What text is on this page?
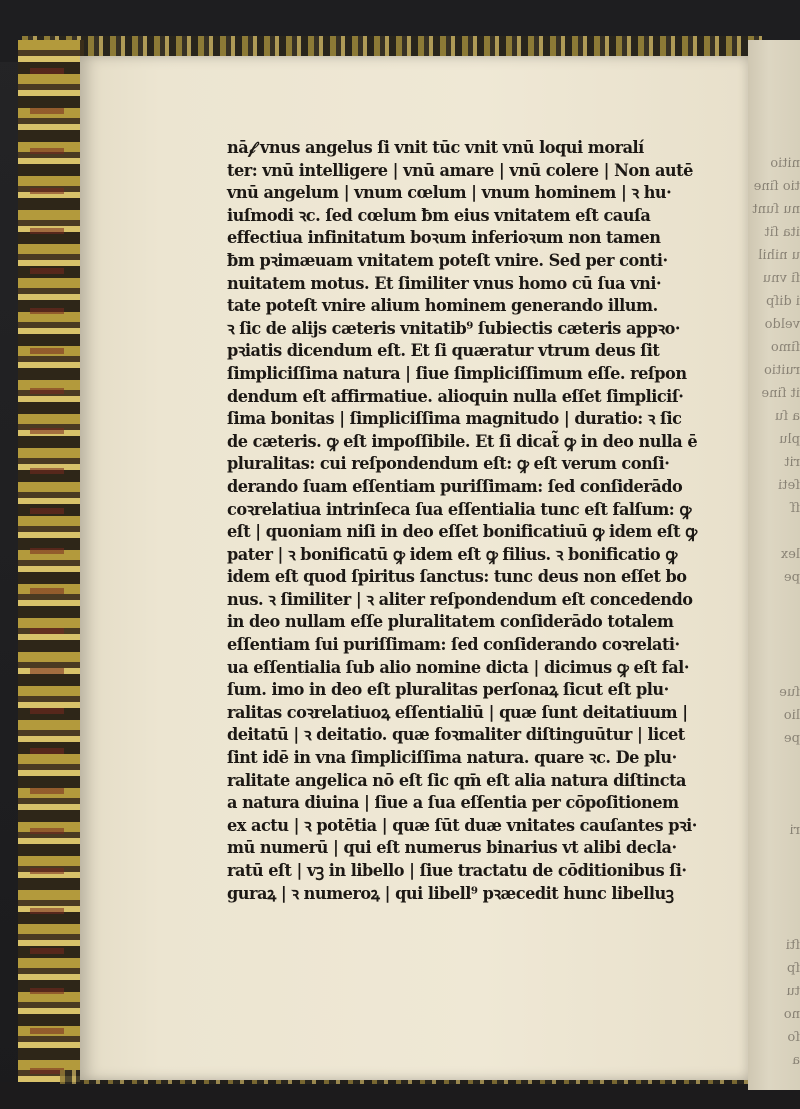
nitio
tio ſine
nu ſunt
ita ſit
u nihil
ſi vnu
i diſp
veldo
ſimo
ruitio
it ſine
a ſu
plu
rit
ſeti
ſſ
lex
pe
ſue
lio
pe
ri
ſti
ſp
tu
no
ſo
a
nā𝒻 vnus angelus ſi vnit tūc vnit vnū loqui moralí
ter: vnū intelligere | vnū amare | vnū colere | Non autē
vnū angelum | vnum cœlum | vnum hominem | ꝛ hu·
iuſmodi ꝛc. ſed cœlum ƀm eius vnitatem eſt cauſa
effectiua infinitatum boꝛum inferioꝛum non tamen
ƀm pꝛimæuam vnitatem poteſt vnire. Sed per conti·
nuitatem motus. Et ſimiliter vnus homo cū ſua vni·
tate poteſt vnire alium hominem generando illum.
ꝛ ſic de alijs cæteris vnitatib⁹ ſubiectis cæteris appꝛo·
pꝛiatis dicendum eſt. Et ſi quæratur vtrum deus ſit
ſimpliciſſima natura | ſiue ſimpliciſſimum eſſe. reſpon
dendum eſt affirmatiue. alioquin nulla eſſet ſimpliciſ·
ſima bonitas | ſimpliciſſima magnitudo | duratio: ꝛ ſic
de cæteris. ꝙ eſt impoſſibile. Et ſi dicat̃ ꝙ in deo nulla ē
pluralitas: cui reſpondendum eſt: ꝙ eſt verum conſi·
derando ſuam eſſentiam puriſſimam: ſed conſiderādo
coꝛrelatiua intrinſeca ſua eſſentialia tunc eſt falſum: ꝙ
eſt | quoniam niſi in deo eſſet bonificatiuū ꝙ idem eſt ꝙ
pater | ꝛ bonificatū ꝙ idem eſt ꝙ filius. ꝛ bonificatio ꝙ
idem eſt quod ſpiritus ſanctus: tunc deus non eſſet bo
nus. ꝛ ſimiliter | ꝛ aliter reſpondendum eſt concedendo
in deo nullam eſſe pluralitatem conſiderādo totalem
eſſentiam ſui puriſſimam: ſed conſiderando coꝛrelati·
ua eſſentialia ſub alio nomine dicta | dicimus ꝙ eſt fal·
ſum. imo in deo eſt pluralitas perſonaꝝ ſicut eſt plu·
ralitas coꝛrelatiuoꝝ eſſentialiū | quæ ſunt deitatiuum |
deitatū | ꝛ deitatio. quæ foꝛmaliter diſtinguūtur | licet
ſint idē in vna ſimpliciſſima natura. quare ꝛc. De plu·
ralitate angelica nō eſt ſic qm̄ eſt alia natura diſtincta
a natura diuina | ſiue a ſua eſſentia per cōpoſitionem
ex actu | ꝛ potētia | quæ ſūt duæ vnitates cauſantes pꝛi·
mū numerū | qui eſt numerus binarius vt alibi decla·
ratū eſt | vꝫ in libello | ſiue tractatu de cōditionibus ſi·
guraꝝ | ꝛ numeroꝝ | qui libell⁹ pꝛæcedit hunc libelluꝫ
